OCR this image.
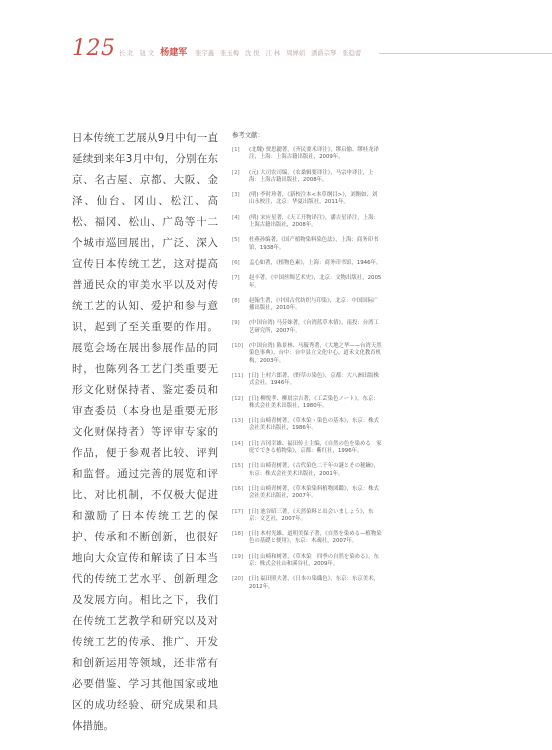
125 长 北 钮 文 杨建军 张宇鑫 张玉梅 沈 悦 江 林 周婵娟 潘爵宗琴 张稳蕾
日本传统工艺展从9月中旬一直延续到来年3月中旬，分别在东京、名古屋、京都、大阪、金泽、仙台、冈山、松江、高松、福冈、松山、广岛等十二个城市巡回展出，广泛、深入宣传日本传统工艺，这对提高普通民众的审美水平以及对传统工艺的认知、爱护和参与意识，起到了至关重要的作用。展览会场在展出参展作品的同时，也陈列各工艺门类重要无形文化财保持者、鉴定委员和审查委员（本身也是重要无形文化财保持者）等评审专家的作品，便于参观者比较、评判和监督。通过完善的展览和评比、对比机制，不仅极大促进和激励了日本传统工艺的保护、传承和不断创新，也很好地向大众宣传和解读了日本当代的传统工艺水平、创新理念及发展方向。相比之下，我们在传统工艺教学和研究以及对传统工艺的传承、推广、开发和创新运用等领域，还非常有必要借鉴、学习其他国家或地区的成功经验、研究成果和具体措施。
参考文献：
[1]	(北魏) 贾思勰著，《齐民要术译注》，缪启愉、缪桂龙译注，上海：上海古籍出版社，2009年。
[2]	(元) 大司农司编，《农桑辑要译注》，马宗申译注，上海：上海古籍出版社，2008年。
[3]	(明) 李时珍著，《新校注本<本草纲目>》，刘衡如、刘山永校注，北京：华夏出版社，2011年。
[4]	(明) 宋应星著，《天工开物译注》，潘吉星译注，上海：上海古籍出版社，2008年。
[5]	杜燕孙编著，《国产植物染料染色法》，上海：商务印书馆，1938年。
[6]	孟心如著，《植物色素》，上海：商务印书馆，1946年。
[7]	赵丰著，《中国丝绸艺术史》，北京：文物出版社，2005年。
[8]	赵翰生著，《中国古代纺织与印染》，北京：中国国际广播出版社，2010年。
[9]	(中国台湾) 马芬妹著，《台湾蓝草木情》，南投：台湾工艺研究所，2007年。
[10]	(中国台湾) 陈景林、马毓秀著，《大地之华——台湾天然染色事典》，台中：台中县立文化中心、道禾文化教育机构，2003年。
[11]	[日] 上村六郎著，《野草の染色》，京都：大八洲出版株式会社，1946年。
[12]	[日] 柳悦孝、柳晨宗吉著，《工芸染色ノート》，东京：株式会社美术出版社，1980年。
[13]	[日] 山崎青树著，《草木染・染色の基本》，东京：株式会社美术出版社，1986年。
[14]	[日] 吉冈幸雄、福田传士主编，《自然の色を染める　家庭でできる植物染》，京都：紫红社，1996年。
[15]	[日] 山崎青树著，《古代染色二千年の謎とその秘鑰》，东京：株式会社美术出版社，2001年。
[16]	[日] 山崎青树著，《草木染染料植物図鑑》，东京：株式会社美术出版社，2007年。
[17]	[日] 池谷昭三著，《天然染料と出会いましょう》，东京：文艺社，2007年。
[18]	[日] 木村光雄、道明美保子著，《自然を染める—植物染色の基礎と便用》，东京：木魂社，2007年。
[19]	[日] 山崎和树著，《草木染　四季の自然を染める》，东京：株式会社山和溪谷社，2009年。
[20]	[日] 福田照夫著，《日本の染織色》，东京：东京美术，2012年。
